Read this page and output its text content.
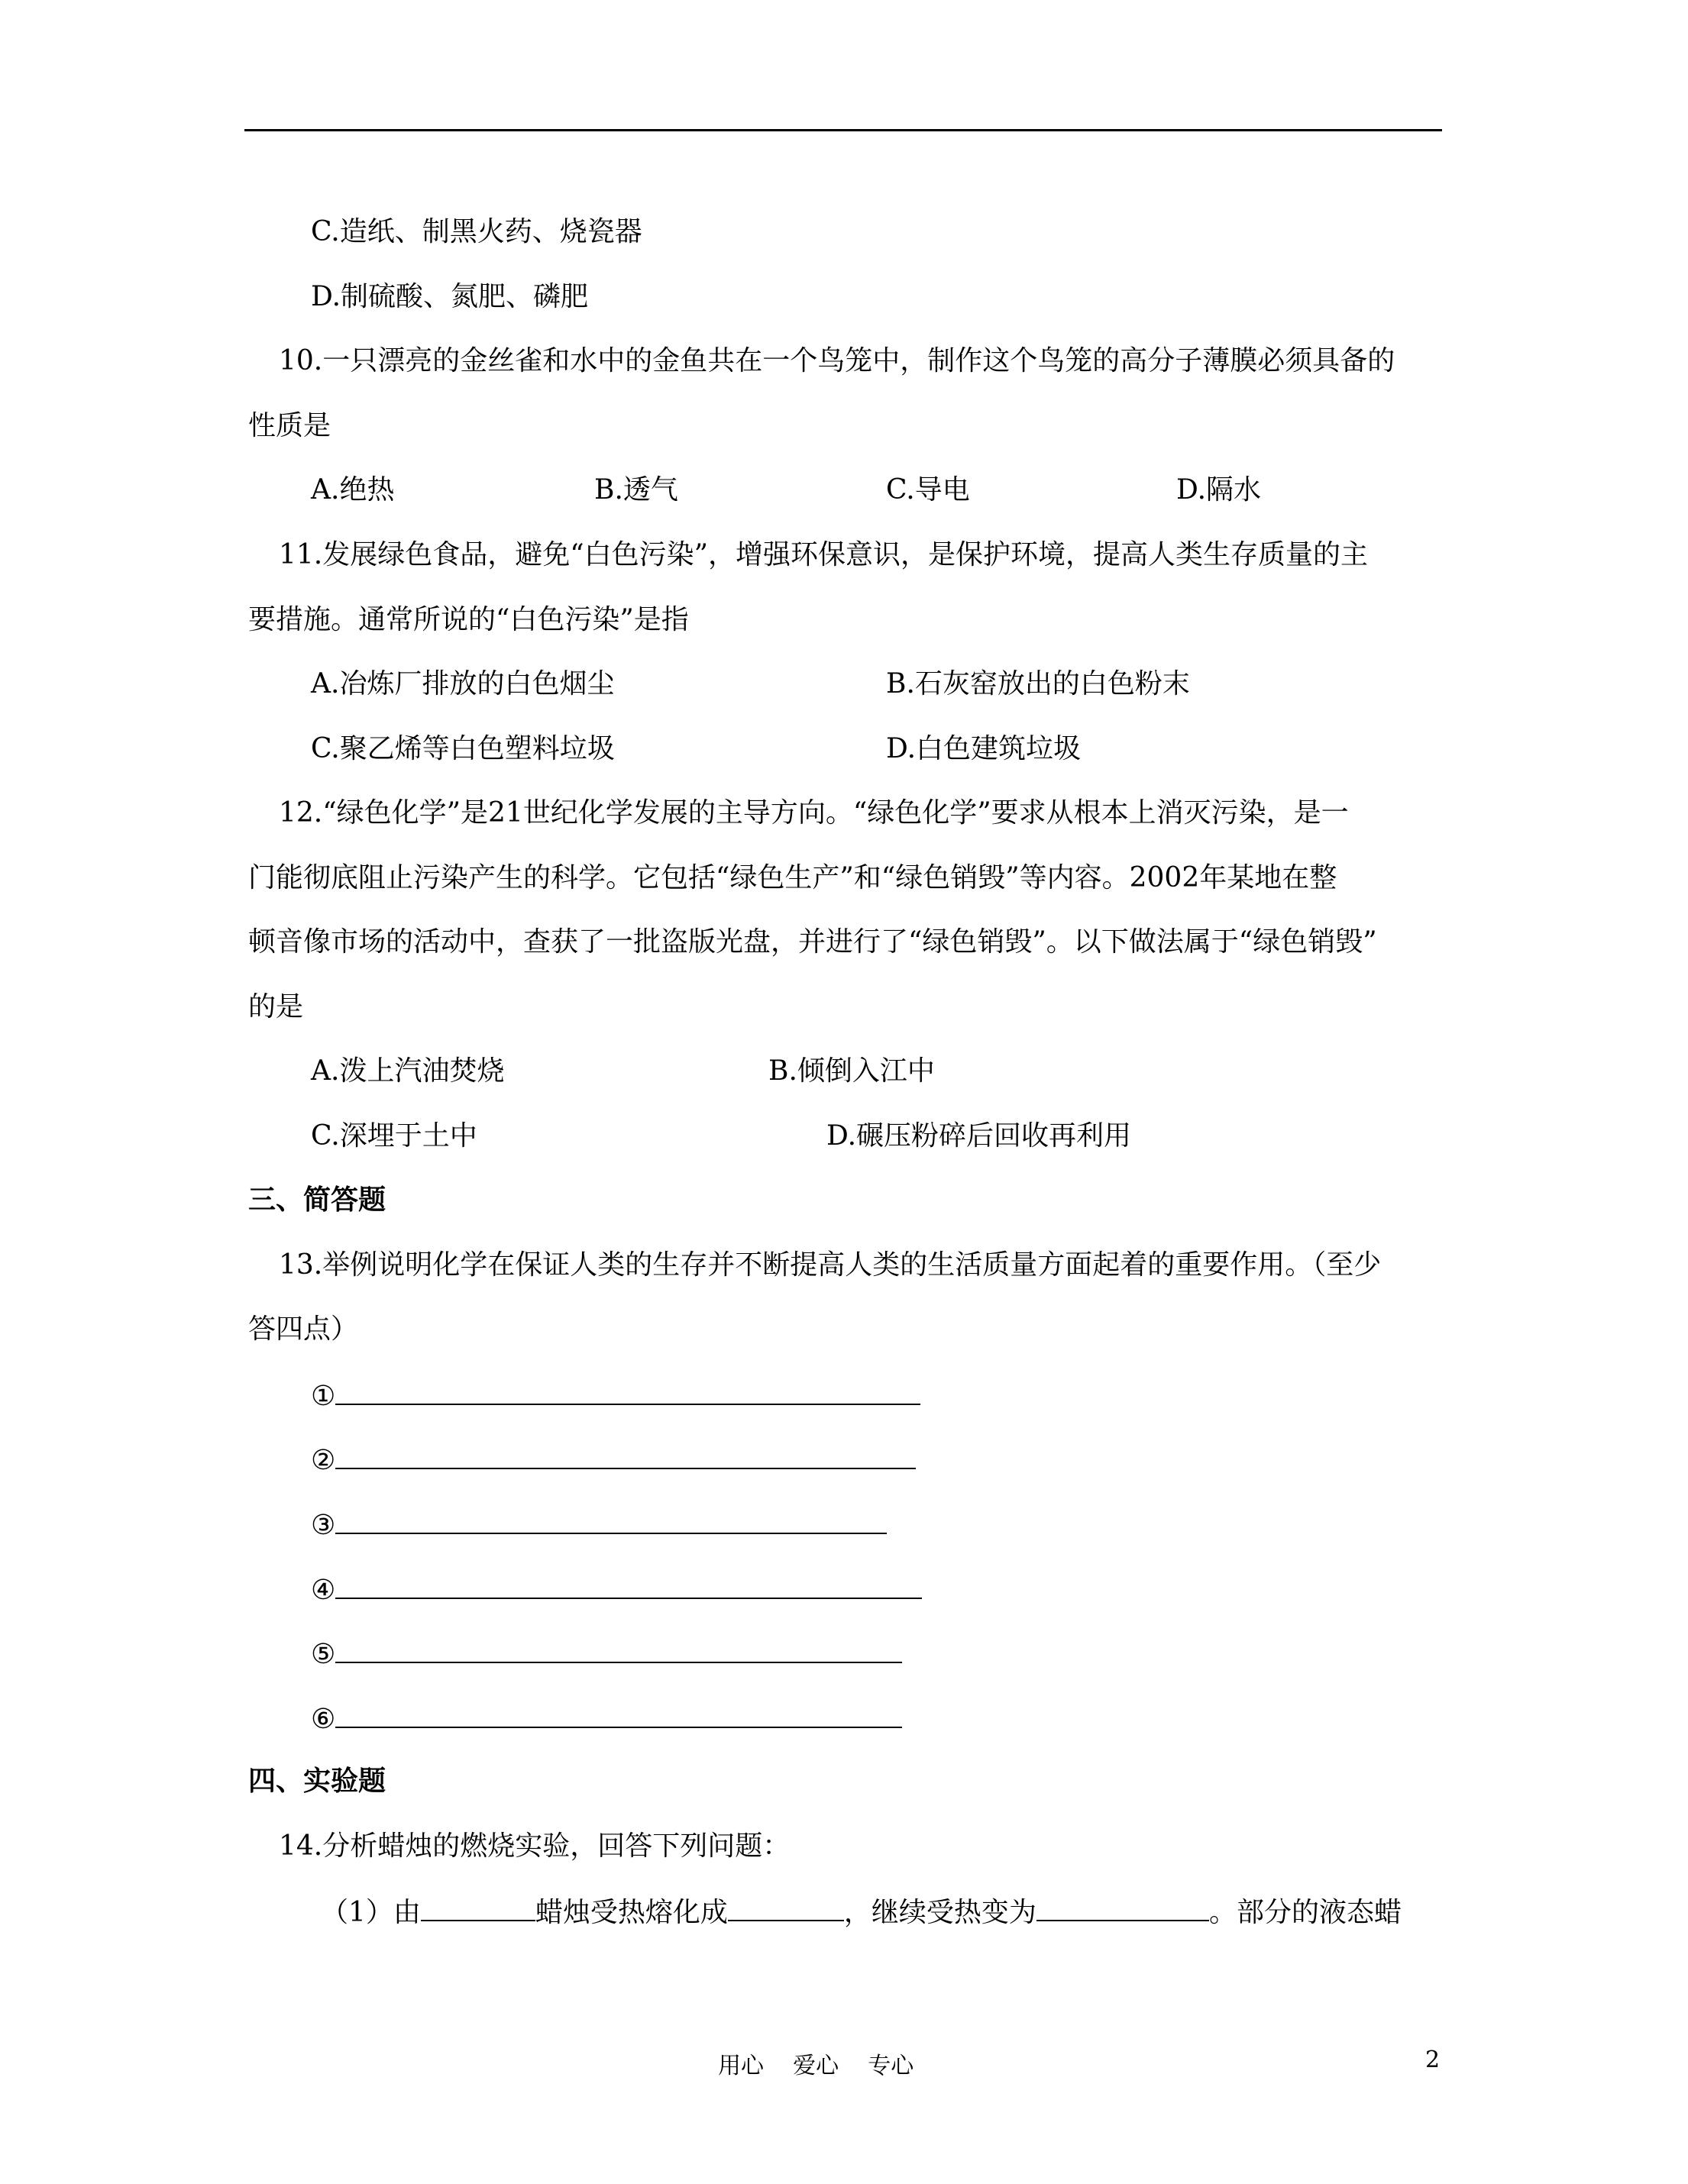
C.造纸、制黑火药、烧瓷器
D.制硫酸、氮肥、磷肥
10.一只漂亮的金丝雀和水中的金鱼共在一个鸟笼中，制作这个鸟笼的高分子薄膜必须具备的
性质是
A.绝热	B.透气	C.导电	D.隔水
11.发展绿色食品，避免“白色污染”，增强环保意识，是保护环境，提高人类生存质量的主
要措施。通常所说的“白色污染”是指
A.冶炼厂排放的白色烟尘	B.石灰窑放出的白色粉末
C.聚乙烯等白色塑料垃圾	D.白色建筑垃圾
12.“绿色化学”是21世纪化学发展的主导方向。“绿色化学”要求从根本上消灭污染，是一
门能彻底阻止污染产生的科学。它包括“绿色生产”和“绿色销毁”等内容。2002年某地在整
顿音像市场的活动中，查获了一批盗版光盘，并进行了“绿色销毁”。以下做法属于“绿色销毁”
的是
A.泼上汽油焚烧	B.倾倒入江中
C.深埋于土中	D.碾压粉碎后回收再利用
三、简答题
13.举例说明化学在保证人类的生存并不断提高人类的生活质量方面起着的重要作用。（至少
答四点）
①
②
③
④
⑤
⑥
四、实验题
14.分析蜡烛的燃烧实验，回答下列问题：
（1）由	蜡烛受热熔化成	，继续受热变为	。部分的液态蜡
用心    爱心    专心	2
